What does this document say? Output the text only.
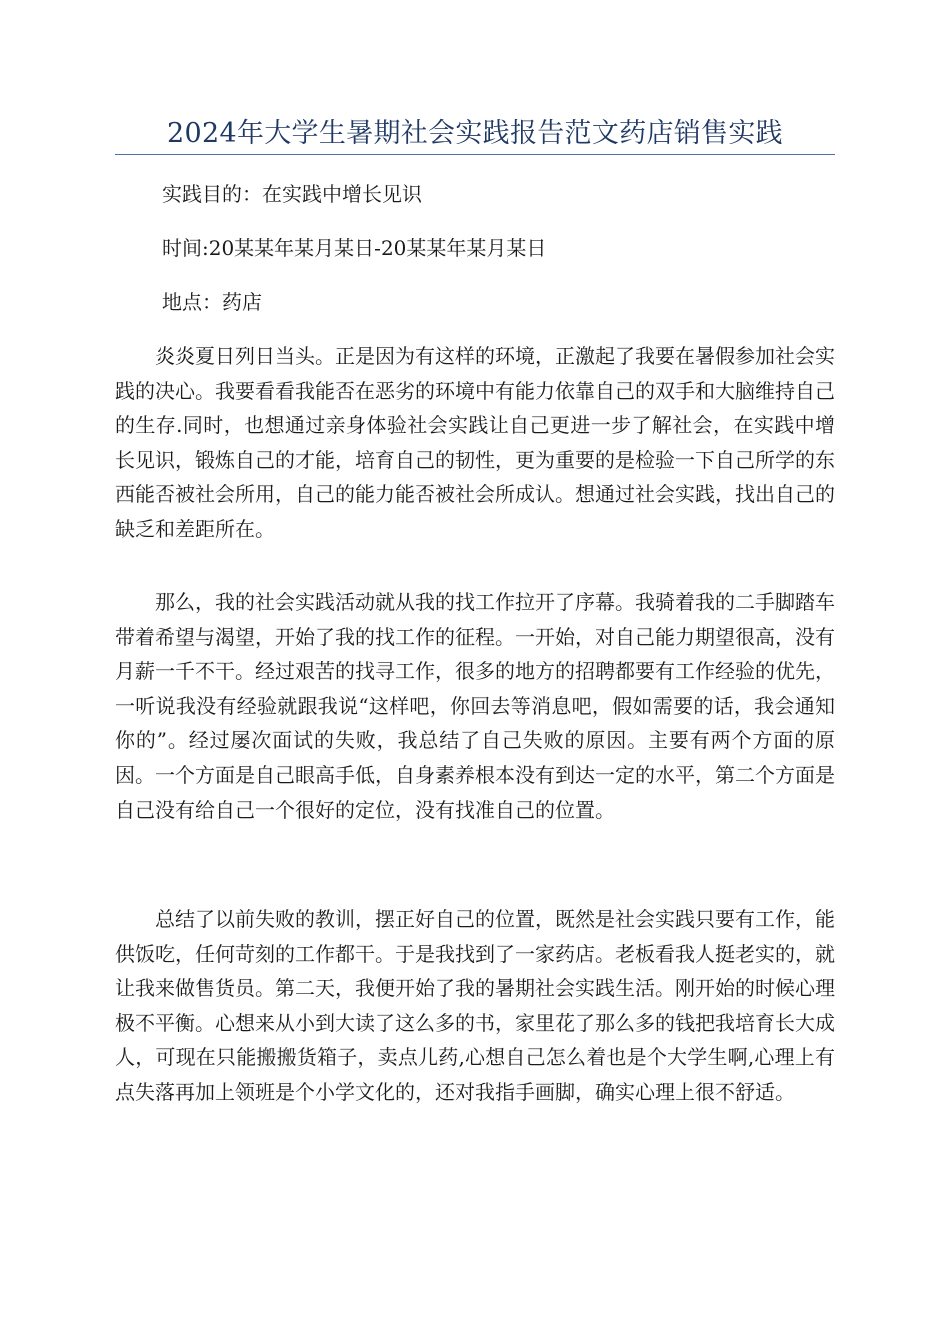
2024年大学生暑期社会实践报告范文药店销售实践
实践目的：在实践中增长见识
时间:20某某年某月某日-20某某年某月某日
地点：药店

炎炎夏日列日当头。正是因为有这样的环境，正激起了我要在暑假参加社会实践的决心。我要看看我能否在恶劣的环境中有能力依靠自己的双手和大脑维持自己的生存.同时，也想通过亲身体验社会实践让自己更进一步了解社会，在实践中增长见识，锻炼自己的才能，培育自己的韧性，更为重要的是检验一下自己所学的东西能否被社会所用，自己的能力能否被社会所成认。想通过社会实践，找出自己的缺乏和差距所在。

那么，我的社会实践活动就从我的找工作拉开了序幕。我骑着我的二手脚踏车带着希望与渴望，开始了我的找工作的征程。一开始，对自己能力期望很高，没有月薪一千不干。经过艰苦的找寻工作，很多的地方的招聘都要有工作经验的优先，一听说我没有经验就跟我说“这样吧，你回去等消息吧，假如需要的话，我会通知你的”。经过屡次面试的失败，我总结了自己失败的原因。主要有两个方面的原因。一个方面是自己眼高手低，自身素养根本没有到达一定的水平，第二个方面是自己没有给自己一个很好的定位，没有找准自己的位置。

总结了以前失败的教训，摆正好自己的位置，既然是社会实践只要有工作，能供饭吃，任何苛刻的工作都干。于是我找到了一家药店。老板看我人挺老实的，就让我来做售货员。第二天，我便开始了我的暑期社会实践生活。刚开始的时候心理极不平衡。心想来从小到大读了这么多的书，家里花了那么多的钱把我培育长大成人，可现在只能搬搬货箱子，卖点儿药,心想自己怎么着也是个大学生啊,心理上有点失落再加上领班是个小学文化的，还对我指手画脚，确实心理上很不舒适。
